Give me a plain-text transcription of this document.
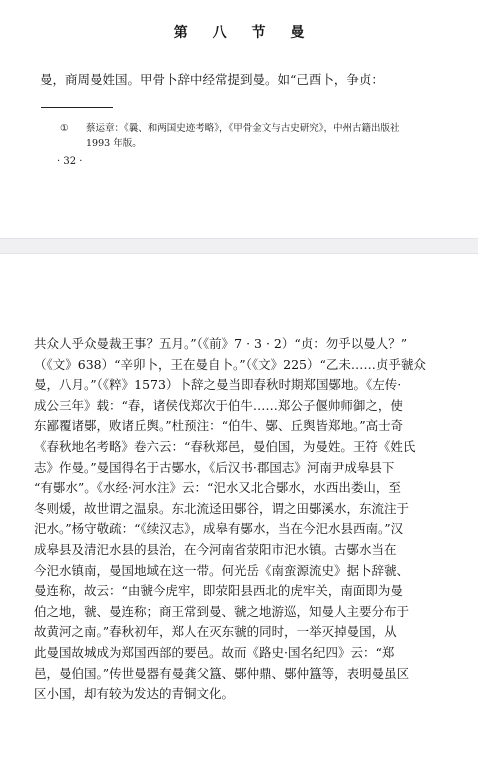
第 八 节 曼
曼，商周曼姓国。甲骨卜辞中经常提到曼。如“己酉卜，争贞：
① 蔡运章：《曩、和两国史迹考略》，《甲骨金文与古史研究》，中州古籍出版社
1993 年版。
· 32 ·
共众人乎众曼裁王事？五月。”（《前》7 · 3 · 2）“贞：勿乎以曼人？”
（《文》638）“辛卯卜，王在曼自卜。”（《文》225）“乙未……贞乎虢众
曼，八月。”（《粹》1573）卜辞之曼当即春秋时期郑国鄤地。《左传·
成公三年》载：“春，诸侯伐郑次于伯牛……郑公子偃帅师御之，使
东鄙覆诸鄤，败诸丘舆。”杜预注：“伯牛、鄤、丘舆皆郑地。”高士奇
《春秋地名考略》卷六云：“春秋郑邑，曼伯国，为曼姓。王符《姓氏
志》作曼。”曼国得名于古鄤水，《后汉书·郡国志》河南尹成皋县下
“有鄤水”。《水经·河水注》云：“汜水又北合鄤水，水西出娄山，至
冬则煖，故世谓之温泉。东北流迳田鄤谷，谓之田鄤溪水，东流注于
汜水。”杨守敬疏：“《续汉志》，成皋有鄤水，当在今汜水县西南。”汉
成皋县及清汜水县的县治，在今河南省荥阳市汜水镇。古鄤水当在
今汜水镇南，曼国地域在这一带。何光岳《南蛮源流史》据卜辞虢、
曼连称，故云：“由虢今虎牢，即荥阳县西北的虎牢关，南面即为曼
伯之地，虢、曼连称；商王常到曼、虢之地游巡，知曼人主要分布于
故黄河之南。”春秋初年，郑人在灭东虢的同时，一举灭掉曼国，从
此曼国故城成为郑国西部的要邑。故而《路史·国名纪四》云：“郑
邑，曼伯国。”传世曼器有曼龚父簋、鄤仲鼎、鄤仲簋等，表明曼虽区
区小国，却有较为发达的青铜文化。
